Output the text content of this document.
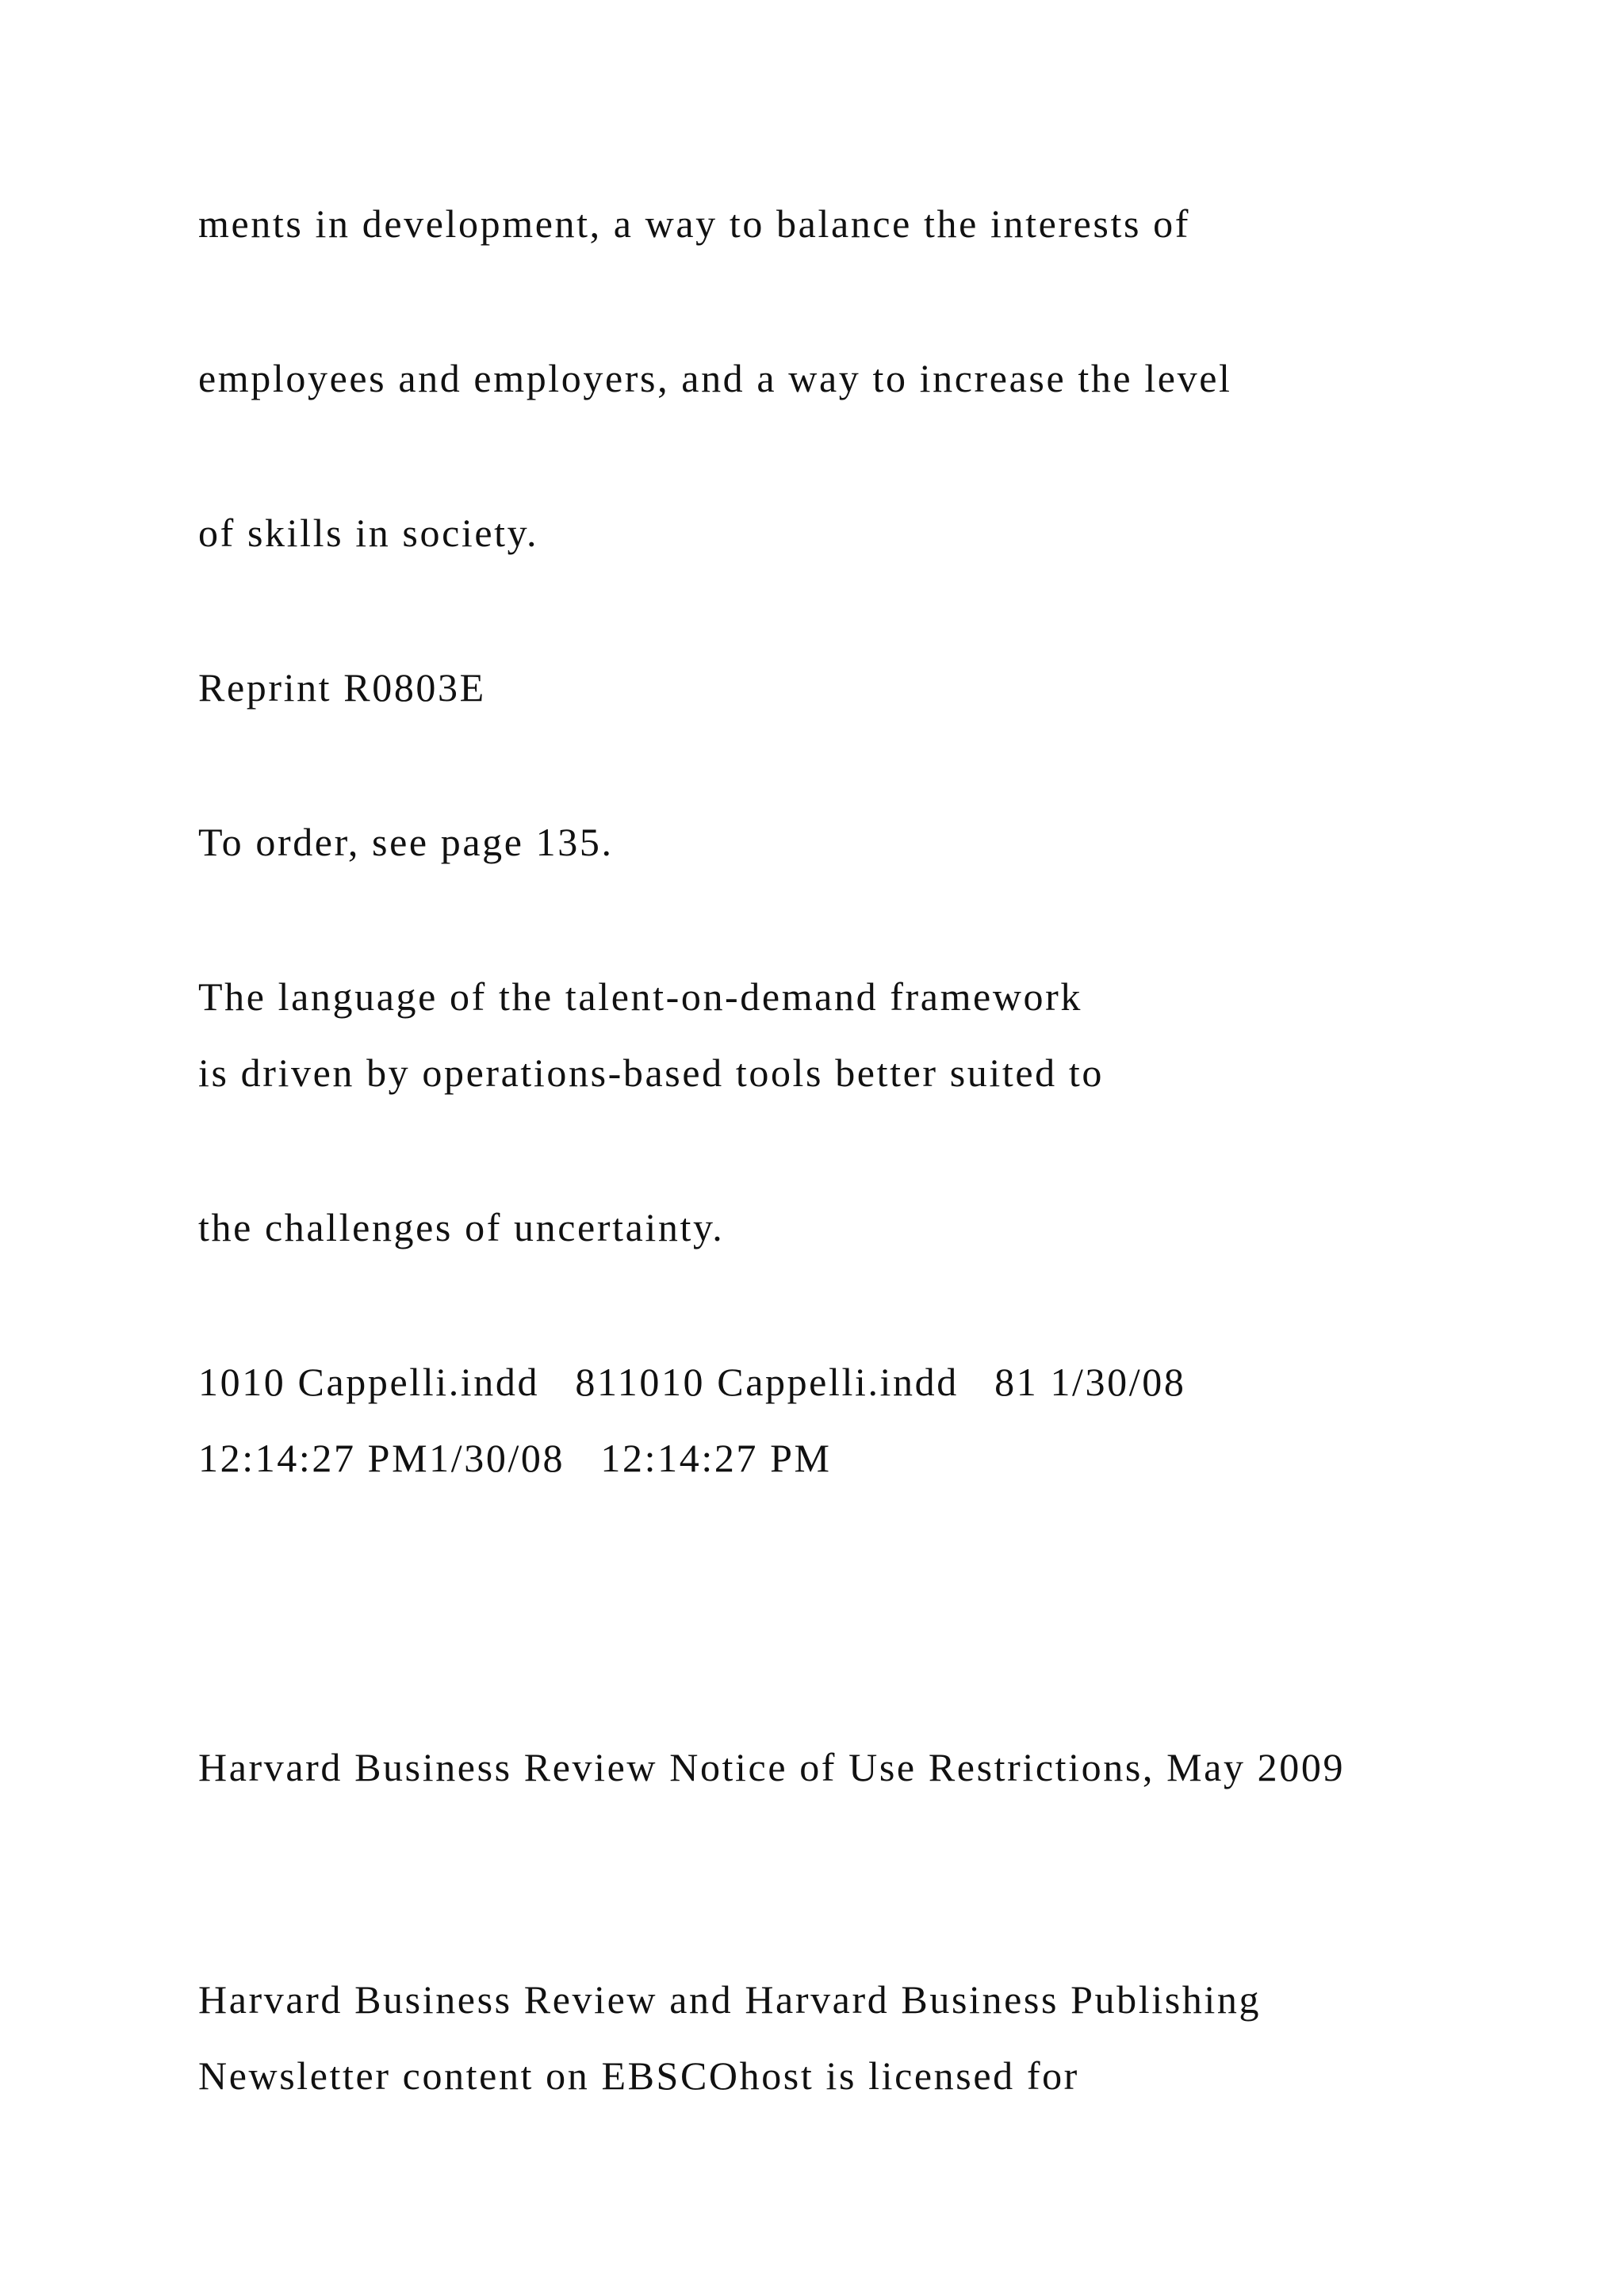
ments in development, a way to balance the interests of

employees and employers, and a way to increase the level

of skills in society.

Reprint R0803E

To order, see page 135.

The language of the talent-on-demand framework

is driven by operations-based tools better suited to

the challenges of uncertainty.

1010 Cappelli.indd   811010 Cappelli.indd   81 1/30/08

12:14:27 PM1/30/08   12:14:27 PM

Harvard Business Review Notice of Use Restrictions, May 2009

Harvard Business Review and Harvard Business Publishing

Newsletter content on EBSCOhost is licensed for
